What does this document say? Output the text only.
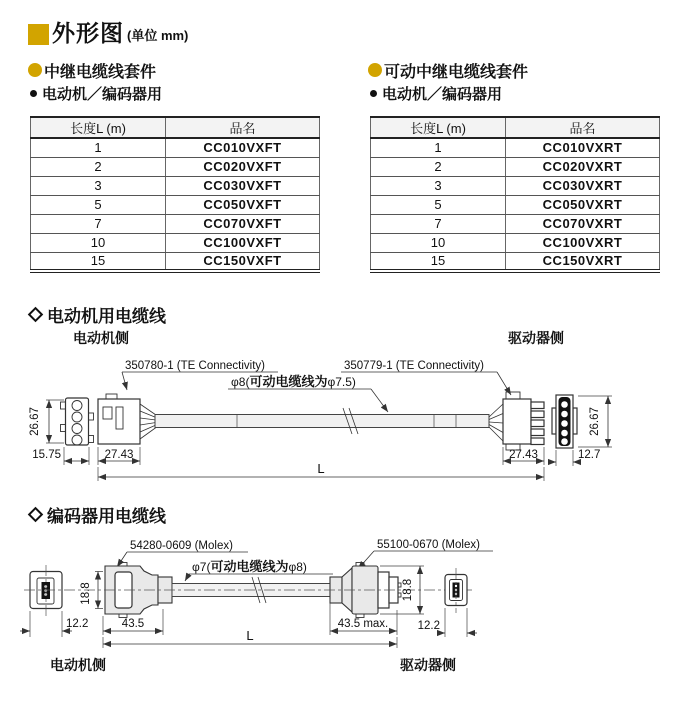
外形图 (单位 mm)
中继电缆线套件
电动机／编码器用
可动中继电缆线套件
电动机／编码器用
长度L (m)	品名
1	CC010VXFT
2	CC020VXFT
3	CC030VXFT
5	CC050VXFT
7	CC070VXFT
10	CC100VXFT
15	CC150VXFT
长度L (m)	品名
1	CC010VXRT
2	CC020VXRT
3	CC030VXRT
5	CC050VXRT
7	CC070VXRT
10	CC100VXRT
15	CC150VXRT
电动机用电缆线
电动机侧	驱动器侧
350780-1 (TE Connectivity)	350779-1 (TE Connectivity)
φ8(可动电缆线为φ7.5)
26.67
15.75	27.43	27.43
26.67
12.7
L
编码器用电缆线
54280-0609 (Molex)
φ7(可动电缆线为φ8)
55100-0670 (Molex)
12.2
18.8
43.5	43.5 max.
18.8
12.2
L
电动机侧	驱动器侧
